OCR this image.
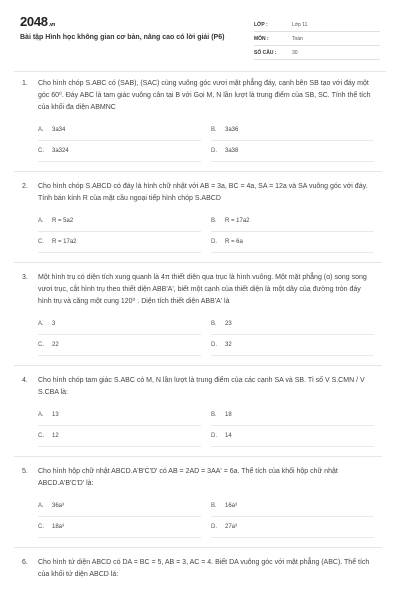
2048.vn
Bài tập Hình học không gian cơ bản, nâng cao có lời giải (P6)
LỚP :	Lớp 11
MÔN :	Toán
SỐ CÂU :	30
1. Cho hình chóp S.ABC có (SAB), (SAC) cùng vuông góc vươi mặt phẳng đáy, cạnh bên SB tạo với đáy một góc 60⁰. Đáy ABC là tam giác vuông cân tại B với Gọi M, N lần lượt là trung điểm của SB, SC. Tính thể tích của khối đa diện ABMNC
A.	3a34	B.	3a36
C.	3a324	D.	3a38
2. Cho hình chóp S.ABCD có đáy là hình chữ nhật với AB = 3a, BC = 4a, SA = 12a và SA vuông góc với đáy. Tính bán kính R của mặt cầu ngoại tiếp hình chóp S.ABCD
A.	R = 5a2	B.	R = 17a2
C.	R = 17a2	D.	R = 6a
3. Một hình trụ có diện tích xung quanh là 4π thiết diện qua trục là hình vuông. Một mặt phẳng (α) song song vươi trục, cắt hình trụ theo thiết diện ABB'A', biết một cạnh của thiết diện là một dây của đường tròn đáy hình trụ và căng một cung 120⁰ . Diện tích thiết diện ABB'A' là
A.	3	B.	23
C.	22	D.	32
4. Cho hình chóp tam giác S.ABC có M, N lần lượt là trung điểm của các cạnh SA và SB. Tỉ số V S.CMN / V S.CBA là:
A.	13	B.	18
C.	12	D.	14
5. Cho hình hộp chữ nhật ABCD.A'B'C'D' có AB = 2AD = 3AA' = 6a. Thể tích của khối hộp chữ nhật ABCD.A'B'C'D' là:
A.	36a³	B.	16a³
C.	18a³	D.	27a³
6. Cho hình tứ diện ABCD có DA = BC = 5, AB = 3, AC = 4. Biết DA vuông góc với mặt phẳng (ABC). Thể tích của khối tứ diện ABCD là:
